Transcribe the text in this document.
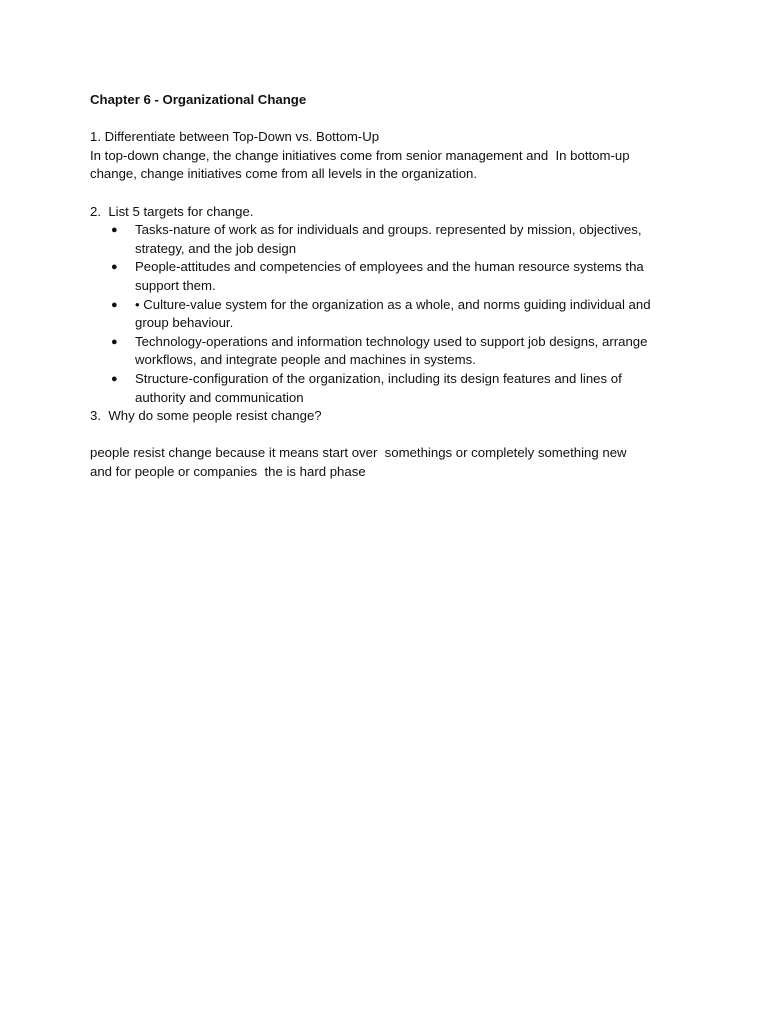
Chapter 6 - Organizational Change

1. Differentiate between Top-Down vs. Bottom-Up

In top-down change, the change initiatives come from senior management and  In bottom-up

change, change initiatives come from all levels in the organization.

2.  List 5 targets for change.

● Tasks-nature of work as for individuals and groups. represented by mission, objectives,
strategy, and the job design
● People-attitudes and competencies of employees and the human resource systems tha
support them.
● • Culture-value system for the organization as a whole, and norms guiding individual and
group behaviour.
● Technology-operations and information technology used to support job designs, arrange
workflows, and integrate people and machines in systems.
● Structure-configuration of the organization, including its design features and lines of
authority and communication

3.  Why do some people resist change?

people resist change because it means start over  somethings or completely something new

and for people or companies  the is hard phase
